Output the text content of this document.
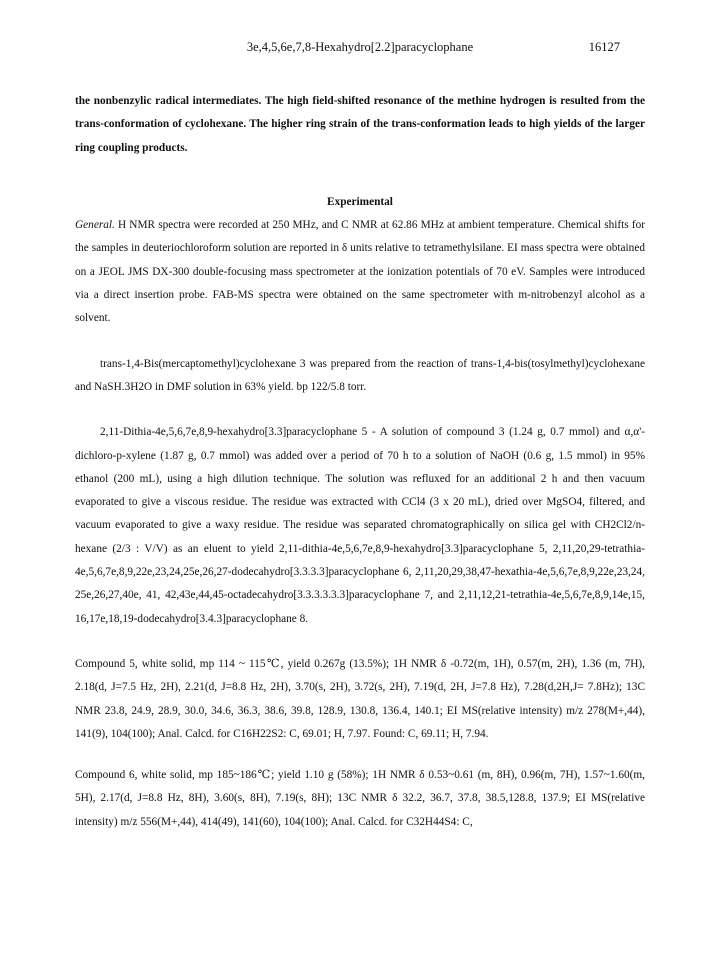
3e,4,5,6e,7,8-Hexahydro[2.2]paracyclophane	16127

the nonbenzylic radical intermediates. The high field-shifted resonance of the methine hydrogen is resulted from the trans-conformation of cyclohexane. The higher ring strain of the trans-conformation leads to high yields of the larger ring coupling products.

Experimental

General. H NMR spectra were recorded at 250 MHz, and C NMR at 62.86 MHz at ambient temperature. Chemical shifts for the samples in deuteriochloroform solution are reported in δ units relative to tetramethylsilane. EI mass spectra were obtained on a JEOL JMS DX-300 double-focusing mass spectrometer at the ionization potentials of 70 eV. Samples were introduced via a direct insertion probe. FAB-MS spectra were obtained on the same spectrometer with m-nitrobenzyl alcohol as a solvent.

trans-1,4-Bis(mercaptomethyl)cyclohexane 3 was prepared from the reaction of trans-1,4-bis(tosylmethyl)cyclohexane and NaSH.3H2O in DMF solution in 63% yield. bp 122/5.8 torr.

2,11-Dithia-4e,5,6,7e,8,9-hexahydro[3.3]paracyclophane 5 - A solution of compound 3 (1.24 g, 0.7 mmol) and α,α'-dichloro-p-xylene (1.87 g, 0.7 mmol) was added over a period of 70 h to a solution of NaOH (0.6 g, 1.5 mmol) in 95% ethanol (200 mL), using a high dilution technique. The solution was refluxed for an additional 2 h and then vacuum evaporated to give a viscous residue. The residue was extracted with CCl4 (3 x 20 mL), dried over MgSO4, filtered, and vacuum evaporated to give a waxy residue. The residue was separated chromatographically on silica gel with CH2Cl2/n-hexane (2/3 : V/V) as an eluent to yield 2,11-dithia-4e,5,6,7e,8,9-hexahydro[3.3]paracyclophane 5, 2,11,20,29-tetrathia-4e,5,6,7e,8,9,22e,23,24,25e,26,27-dodecahydro[3.3.3.3]paracyclophane 6, 2,11,20,29,38,47-hexathia-4e,5,6,7e,8,9,22e,23,24, 25e,26,27,40e, 41, 42,43e,44,45-octadecahydro[3.3.3.3.3.3]paracyclophane 7, and 2,11,12,21-tetrathia-4e,5,6,7e,8,9,14e,15, 16,17e,18,19-dodecahydro[3.4.3]paracyclophane 8.

Compound 5, white solid, mp 114 ~ 115℃, yield 0.267g (13.5%); 1H NMR δ -0.72(m, 1H), 0.57(m, 2H), 1.36 (m, 7H), 2.18(d, J=7.5 Hz, 2H), 2.21(d, J=8.8 Hz, 2H), 3.70(s, 2H), 3.72(s, 2H), 7.19(d, 2H, J=7.8 Hz), 7.28(d,2H,J= 7.8Hz); 13C NMR 23.8, 24.9, 28.9, 30.0, 34.6, 36.3, 38.6, 39.8, 128.9, 130.8, 136.4, 140.1; EI MS(relative intensity) m/z 278(M+,44), 141(9), 104(100); Anal. Calcd. for C16H22S2: C, 69.01; H, 7.97. Found: C, 69.11; H, 7.94.

Compound 6, white solid, mp 185~186℃; yield 1.10 g (58%); 1H NMR δ 0.53~0.61 (m, 8H), 0.96(m, 7H), 1.57~1.60(m, 5H), 2.17(d, J=8.8 Hz, 8H), 3.60(s, 8H), 7.19(s, 8H); 13C NMR δ 32.2, 36.7, 37.8, 38.5,128.8, 137.9; EI MS(relative intensity) m/z 556(M+,44), 414(49), 141(60), 104(100); Anal. Calcd. for C32H44S4: C,
